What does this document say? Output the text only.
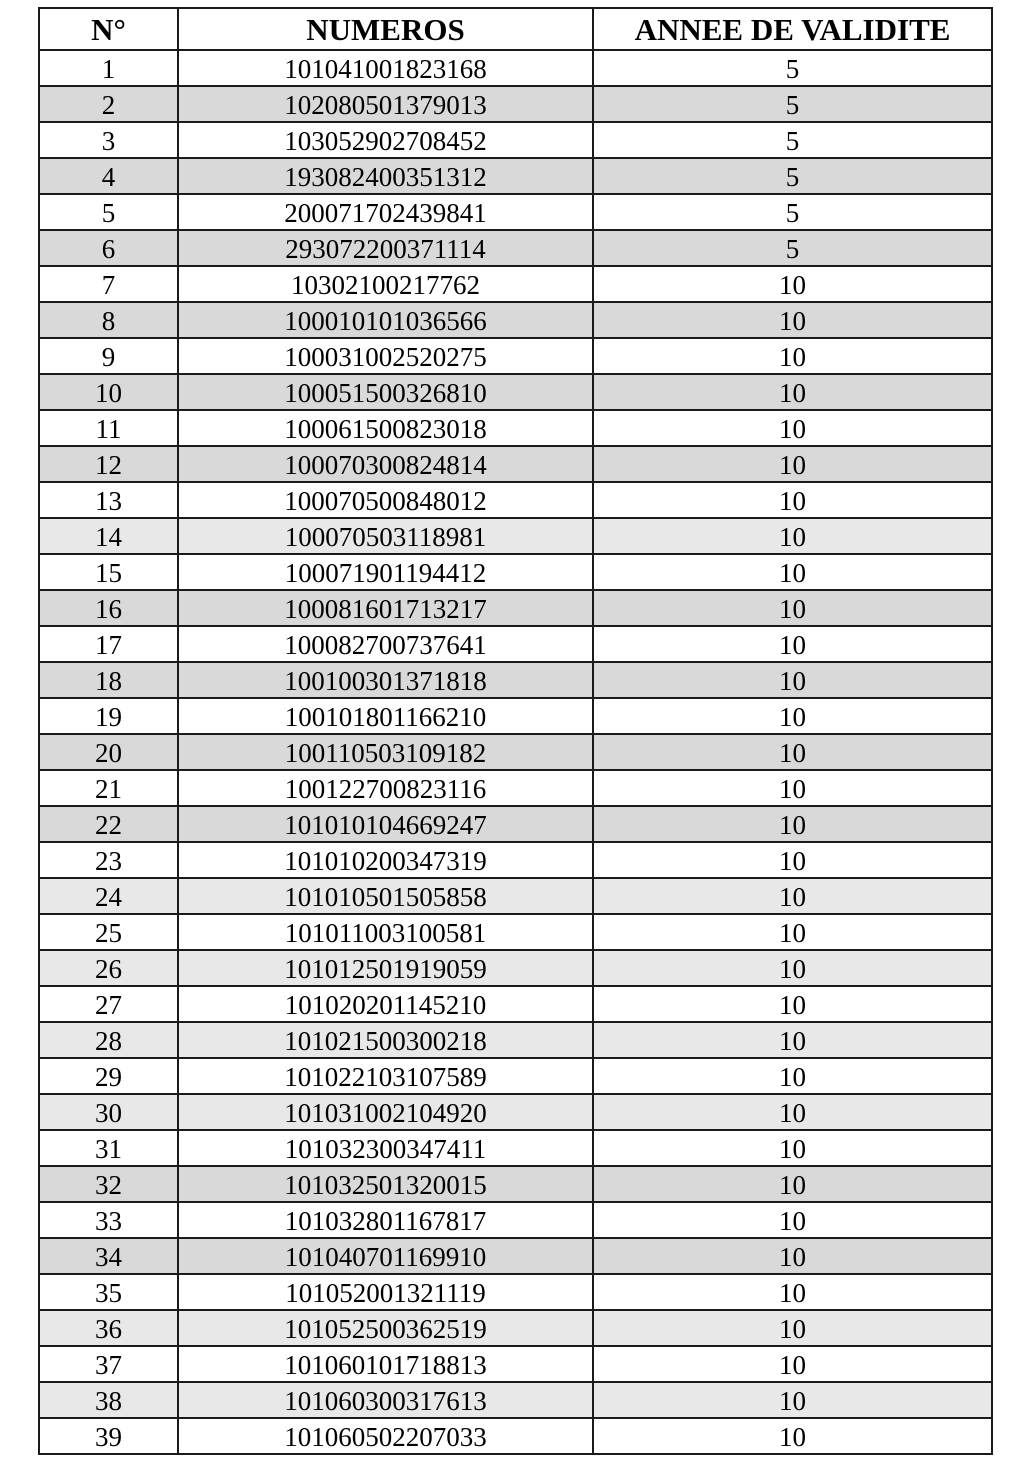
N°	NUMEROS	ANNEE DE VALIDITE
1	101041001823168	5
2	102080501379013	5
3	103052902708452	5
4	193082400351312	5
5	200071702439841	5
6	293072200371114	5
7	10302100217762	10
8	100010101036566	10
9	100031002520275	10
10	100051500326810	10
11	100061500823018	10
12	100070300824814	10
13	100070500848012	10
14	100070503118981	10
15	100071901194412	10
16	100081601713217	10
17	100082700737641	10
18	100100301371818	10
19	100101801166210	10
20	100110503109182	10
21	100122700823116	10
22	101010104669247	10
23	101010200347319	10
24	101010501505858	10
25	101011003100581	10
26	101012501919059	10
27	101020201145210	10
28	101021500300218	10
29	101022103107589	10
30	101031002104920	10
31	101032300347411	10
32	101032501320015	10
33	101032801167817	10
34	101040701169910	10
35	101052001321119	10
36	101052500362519	10
37	101060101718813	10
38	101060300317613	10
39	101060502207033	10
